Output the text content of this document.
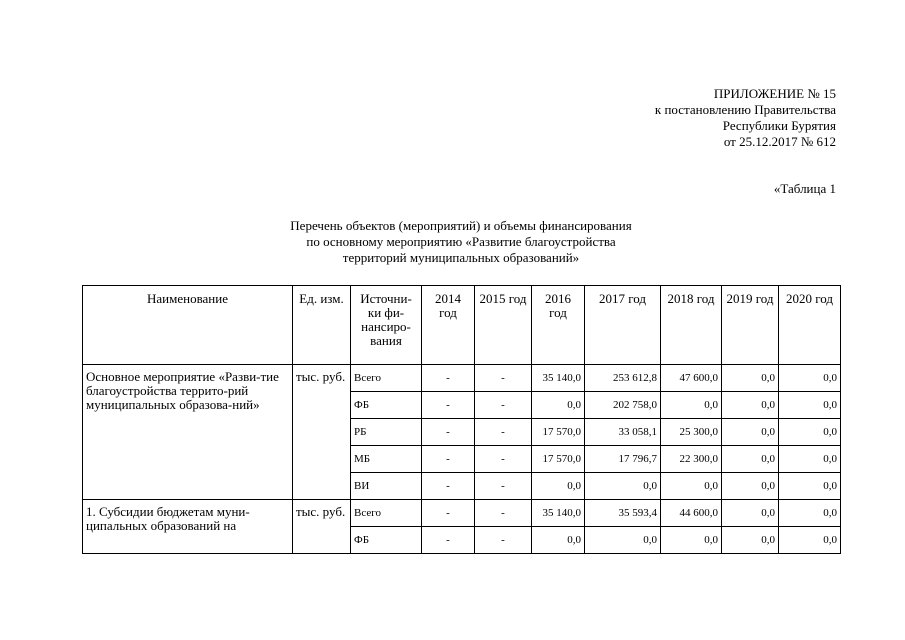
ПРИЛОЖЕНИЕ № 15
к постановлению Правительства
Республики Бурятия
от 25.12.2017 № 612
«Таблица 1
Перечень объектов (мероприятий) и объемы финансирования
по основному мероприятию «Развитие благоустройства
территорий муниципальных образований»
Наименование	Ед. изм.	Источни-ки фи-нансиро-вания	2014 год	2015 год	2016 год	2017 год	2018 год	2019 год	2020 год
Основное мероприятие «Разви-тие благоустройства террито-рий муниципальных образова-ний»	тыс. руб.	Всего	-	-	35 140,0	253 612,8	47 600,0	0,0	0,0
		ФБ	-	-	0,0	202 758,0	0,0	0,0	0,0
		РБ	-	-	17 570,0	33 058,1	25 300,0	0,0	0,0
		МБ	-	-	17 570,0	17 796,7	22 300,0	0,0	0,0
		ВИ	-	-	0,0	0,0	0,0	0,0	0,0
1. Субсидии бюджетам муни-ципальных образований на	тыс. руб.	Всего	-	-	35 140,0	35 593,4	44 600,0	0,0	0,0
		ФБ	-	-	0,0	0,0	0,0	0,0	0,0
